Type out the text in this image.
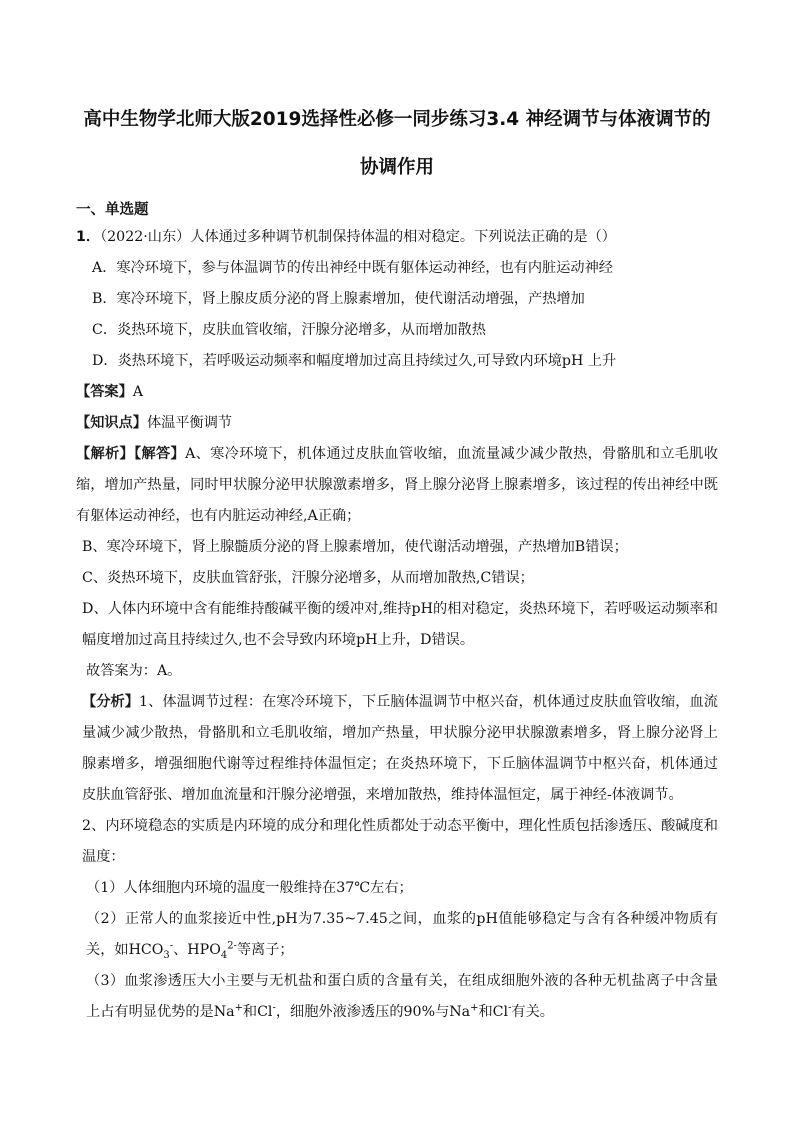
高中生物学北师大版2019选择性必修一同步练习3.4 神经调节与体液调节的

协调作用

一、单选题

1．（2022·山东）人体通过多种调节机制保持体温的相对稳定。下列说法正确的是（）

A．寒冷环境下，参与体温调节的传出神经中既有躯体运动神经，也有内脏运动神经

B．寒冷环境下，肾上腺皮质分泌的肾上腺素增加，使代谢活动增强，产热增加

C．炎热环境下，皮肤血管收缩，汗腺分泌增多，从而增加散热

D．炎热环境下，若呼吸运动频率和幅度增加过高且持续过久,可导致内环境pH 上升

【答案】A

【知识点】体温平衡调节

【解析】【解答】A、寒冷环境下，机体通过皮肤血管收缩，血流量减少减少散热，骨骼肌和立毛肌收缩，增加产热量，同时甲状腺分泌甲状腺激素增多，肾上腺分泌肾上腺素增多，该过程的传出神经中既有躯体运动神经，也有内脏运动神经,A正确；

B、寒冷环境下，肾上腺髓质分泌的肾上腺素增加，使代谢活动增强，产热增加B错误；

C、炎热环境下，皮肤血管舒张，汗腺分泌增多，从而增加散热,C错误；

D、人体内环境中含有能维持酸碱平衡的缓冲对,维持pH的相对稳定，炎热环境下，若呼吸运动频率和幅度增加过高且持续过久,也不会导致内环境pH上升，D错误。

故答案为：A。

【分析】1、体温调节过程：在寒冷环境下，下丘脑体温调节中枢兴奋，机体通过皮肤血管收缩，血流量减少减少散热，骨骼肌和立毛肌收缩，增加产热量，甲状腺分泌甲状腺激素增多，肾上腺分泌肾上腺素增多，增强细胞代谢等过程维持体温恒定；在炎热环境下，下丘脑体温调节中枢兴奋，机体通过皮肤血管舒张、增加血流量和汗腺分泌增强，来增加散热，维持体温恒定，属于神经-体液调节。

2、内环境稳态的实质是内环境的成分和理化性质都处于动态平衡中，理化性质包括渗透压、酸碱度和温度：

（1）人体细胞内环境的温度一般维持在37℃左右；

（2）正常人的血浆接近中性,pH为7.35~7.45之间，血浆的pH值能够稳定与含有各种缓冲物质有关，如$HCO_3^-$、$HPO_4^{2-}$等离子；

（3）血浆渗透压大小主要与无机盐和蛋白质的含量有关，在组成细胞外液的各种无机盐离子中含量上占有明显优势的是Na+和Cl-，细胞外液渗透压的90%与Na+和Cl-有关。
